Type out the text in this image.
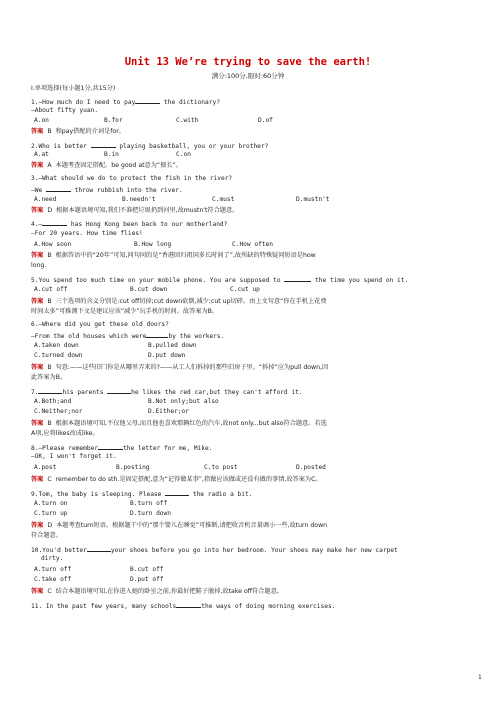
Unit 13 We’re trying to save the earth!
满分:100分,限时:60分钟
Ⅰ.单项选择(每小题1分,共15分)
1.—How much do I need to pay	the dictionary?
—About fifty yuan.
A.on	B.for	C.with	D.of
答案 B 和pay搭配的介词是for。
2.Who is better	playing basketball, you or your brother?
A.at	B.in	C.on
答案 A 本题考查固定搭配。be good at意为“擅长”。
3.—What should we do to protect the fish in the river?
—We	throw rubbish into the river.
A.need	B.needn't	C.must	D.mustn't
答案 D 根据本题语境可知,我们不准把垃圾扔到河里,故mustn't符合题意。
4.—	has Hong Kong been back to our motherland?
—For 20 years. How time flies!
A.How soon	B.How long	C.How often
答案 B 根据答语中的“20年”可知,问句问的是“香港回归祖国多长时间了”,故所缺的特殊疑问短语是how
long.
5.You spend too much time on your mobile phone. You are supposed to	the time you spend on it.
A.cut off	B.cut down	C.cut up
答案 B 三个选项的含义分别是:cut off切掉;cut down砍倒,减少;cut up切碎。由上文句意“你在手机上花费
时间太多”可推测下文是建议应该“减少”玩手机的时间。故答案为B。
6.—Where did you get these old doors?
—From the old houses which were	by the workers.
A.taken down	B.pulled down
C.turned down	D.put down
答案 B 句意:——这些旧门你是从哪里弄来的?——从工人们拆掉的那些旧房子里。“拆掉”应为pull down,因
此答案为B。
7.	his parents	he likes the red car,but they can't afford it.
A.Both;and	B.Not only;but also
C.Neither;nor	D.Either;or
答案 B 根据本题语境可知,不仅他父母,而且他也喜欢那辆红色的汽车,故not only...but also符合题意。若选
A项,应将likes改成like。
8.—Please remember	the letter for me, Mike.
—OK, I won't forget it.
A.post	B.posting	C.to post	D.posted
答案 C remember to do sth.是固定搭配,意为“记得做某事”,指做应该做或还没有做的事情,故答案为C。
9.Tom, the baby is sleeping. Please	the radio a bit.
A.turn on	B.turn off
C.turn up	D.turn down
答案 D 本题考查turn短语。根据题干中的“那个婴儿在睡觉”可推断,请把收音机音量调小一些,故turn down
符合题意。
10.You'd better	your shoes before you go into her bedroom. Your shoes may make her new carpet
dirty.
A.turn off	B.cut off
C.take off	D.put off
答案 C 结合本题语境可知,在你进入她的卧室之前,你最好把鞋子脱掉,故take off符合题意。
11. In the past few years, many schools	the ways of doing morning exercises.
1
